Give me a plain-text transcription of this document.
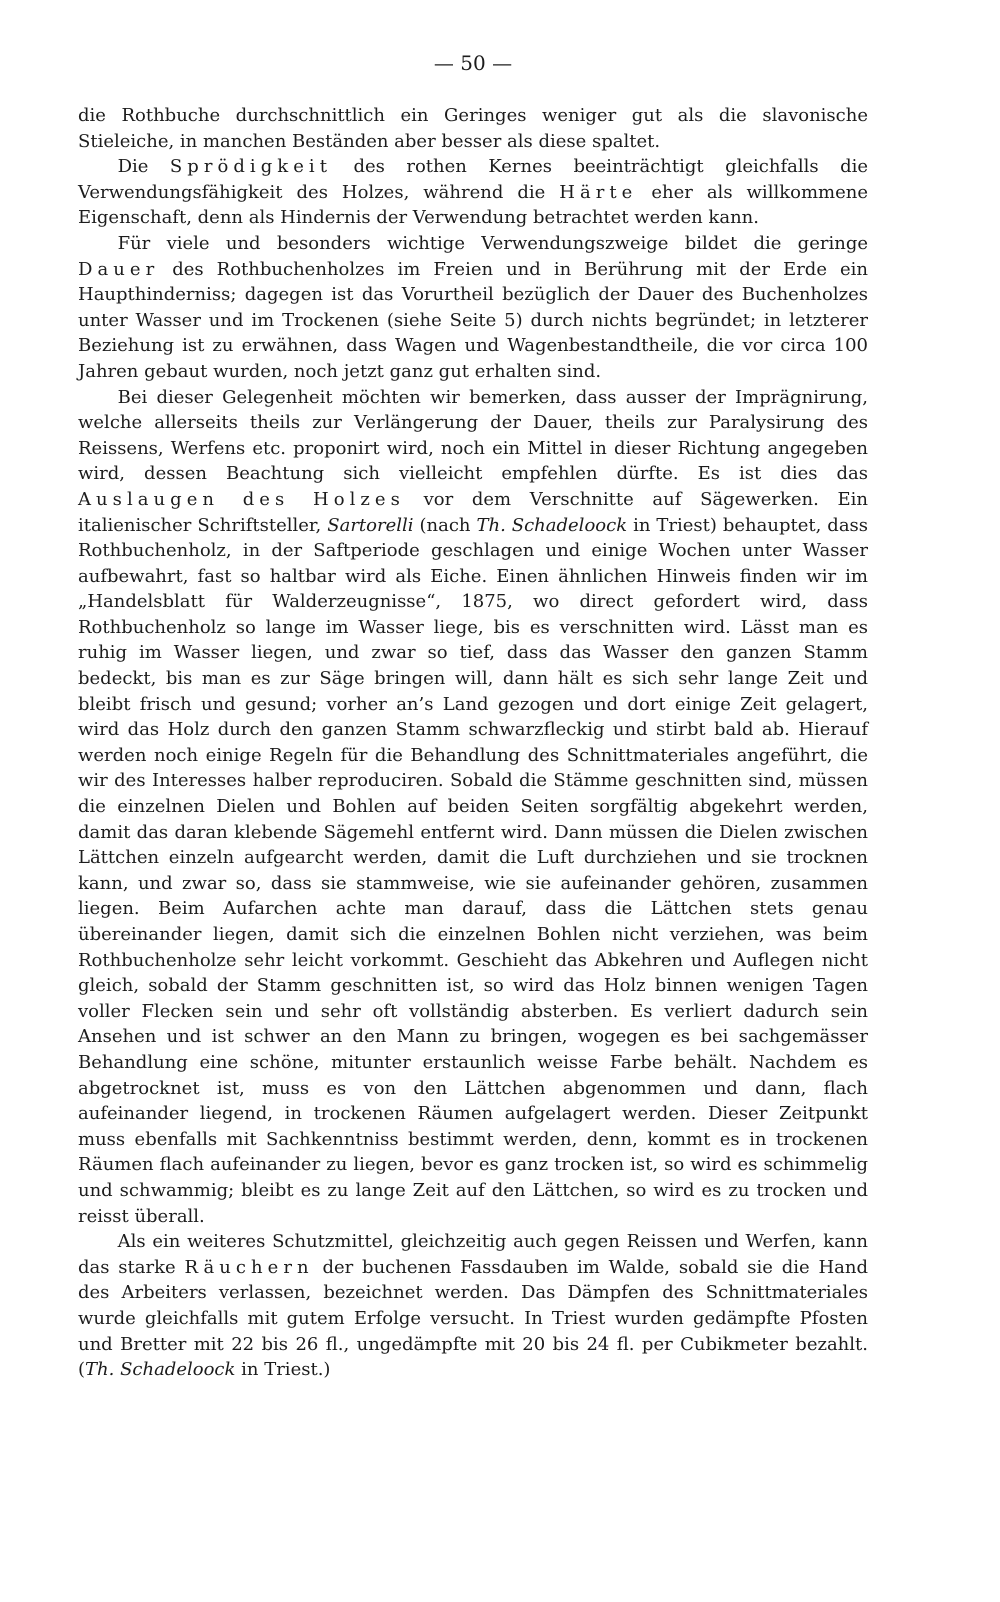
— 50 —

die Rothbuche durchschnittlich ein Geringes weniger gut als die slavonische Stieleiche, in manchen Beständen aber besser als diese spaltet.

Die Sprödigkeit des rothen Kernes beeinträchtigt gleichfalls die Verwendungsfähigkeit des Holzes, während die Härte eher als willkommene Eigenschaft, denn als Hindernis der Verwendung betrachtet werden kann.

Für viele und besonders wichtige Verwendungszweige bildet die geringe Dauer des Rothbuchenholzes im Freien und in Berührung mit der Erde ein Haupthinderniss; dagegen ist das Vorurtheil bezüglich der Dauer des Buchenholzes unter Wasser und im Trockenen (siehe Seite 5) durch nichts begründet; in letzterer Beziehung ist zu erwähnen, dass Wagen und Wagenbestandtheile, die vor circa 100 Jahren gebaut wurden, noch jetzt ganz gut erhalten sind.

Bei dieser Gelegenheit möchten wir bemerken, dass ausser der Imprägnirung, welche allerseits theils zur Verlängerung der Dauer, theils zur Paralysirung des Reissens, Werfens etc. proponirt wird, noch ein Mittel in dieser Richtung angegeben wird, dessen Beachtung sich vielleicht empfehlen dürfte. Es ist dies das Auslaugen des Holzes vor dem Verschnitte auf Sägewerken. Ein italienischer Schriftsteller, Sartorelli (nach Th. Schadeloock in Triest) behauptet, dass Rothbuchenholz, in der Saftperiode geschlagen und einige Wochen unter Wasser aufbewahrt, fast so haltbar wird als Eiche. Einen ähnlichen Hinweis finden wir im „Handelsblatt für Walderzeugnisse“, 1875, wo direct gefordert wird, dass Rothbuchenholz so lange im Wasser liege, bis es verschnitten wird. Lässt man es ruhig im Wasser liegen, und zwar so tief, dass das Wasser den ganzen Stamm bedeckt, bis man es zur Säge bringen will, dann hält es sich sehr lange Zeit und bleibt frisch und gesund; vorher an’s Land gezogen und dort einige Zeit gelagert, wird das Holz durch den ganzen Stamm schwarzfleckig und stirbt bald ab. Hierauf werden noch einige Regeln für die Behandlung des Schnittmateriales angeführt, die wir des Interesses halber reproduciren. Sobald die Stämme geschnitten sind, müssen die einzelnen Dielen und Bohlen auf beiden Seiten sorgfältig abgekehrt werden, damit das daran klebende Sägemehl entfernt wird. Dann müssen die Dielen zwischen Lättchen einzeln aufgearcht werden, damit die Luft durchziehen und sie trocknen kann, und zwar so, dass sie stammweise, wie sie aufeinander gehören, zusammen liegen. Beim Aufarchen achte man darauf, dass die Lättchen stets genau übereinander liegen, damit sich die einzelnen Bohlen nicht verziehen, was beim Rothbuchenholze sehr leicht vorkommt. Geschieht das Abkehren und Auflegen nicht gleich, sobald der Stamm geschnitten ist, so wird das Holz binnen wenigen Tagen voller Flecken sein und sehr oft vollständig absterben. Es verliert dadurch sein Ansehen und ist schwer an den Mann zu bringen, wogegen es bei sachgemässer Behandlung eine schöne, mitunter erstaunlich weisse Farbe behält. Nachdem es abgetrocknet ist, muss es von den Lättchen abgenommen und dann, flach aufeinander liegend, in trockenen Räumen aufgelagert werden. Dieser Zeitpunkt muss ebenfalls mit Sachkenntniss bestimmt werden, denn, kommt es in trockenen Räumen flach aufeinander zu liegen, bevor es ganz trocken ist, so wird es schimmelig und schwammig; bleibt es zu lange Zeit auf den Lättchen, so wird es zu trocken und reisst überall.

Als ein weiteres Schutzmittel, gleichzeitig auch gegen Reissen und Werfen, kann das starke Räuchern der buchenen Fassdauben im Walde, sobald sie die Hand des Arbeiters verlassen, bezeichnet werden. Das Dämpfen des Schnittmateriales wurde gleichfalls mit gutem Erfolge versucht. In Triest wurden gedämpfte Pfosten und Bretter mit 22 bis 26 fl., ungedämpfte mit 20 bis 24 fl. per Cubikmeter bezahlt. (Th. Schadeloock in Triest.)
